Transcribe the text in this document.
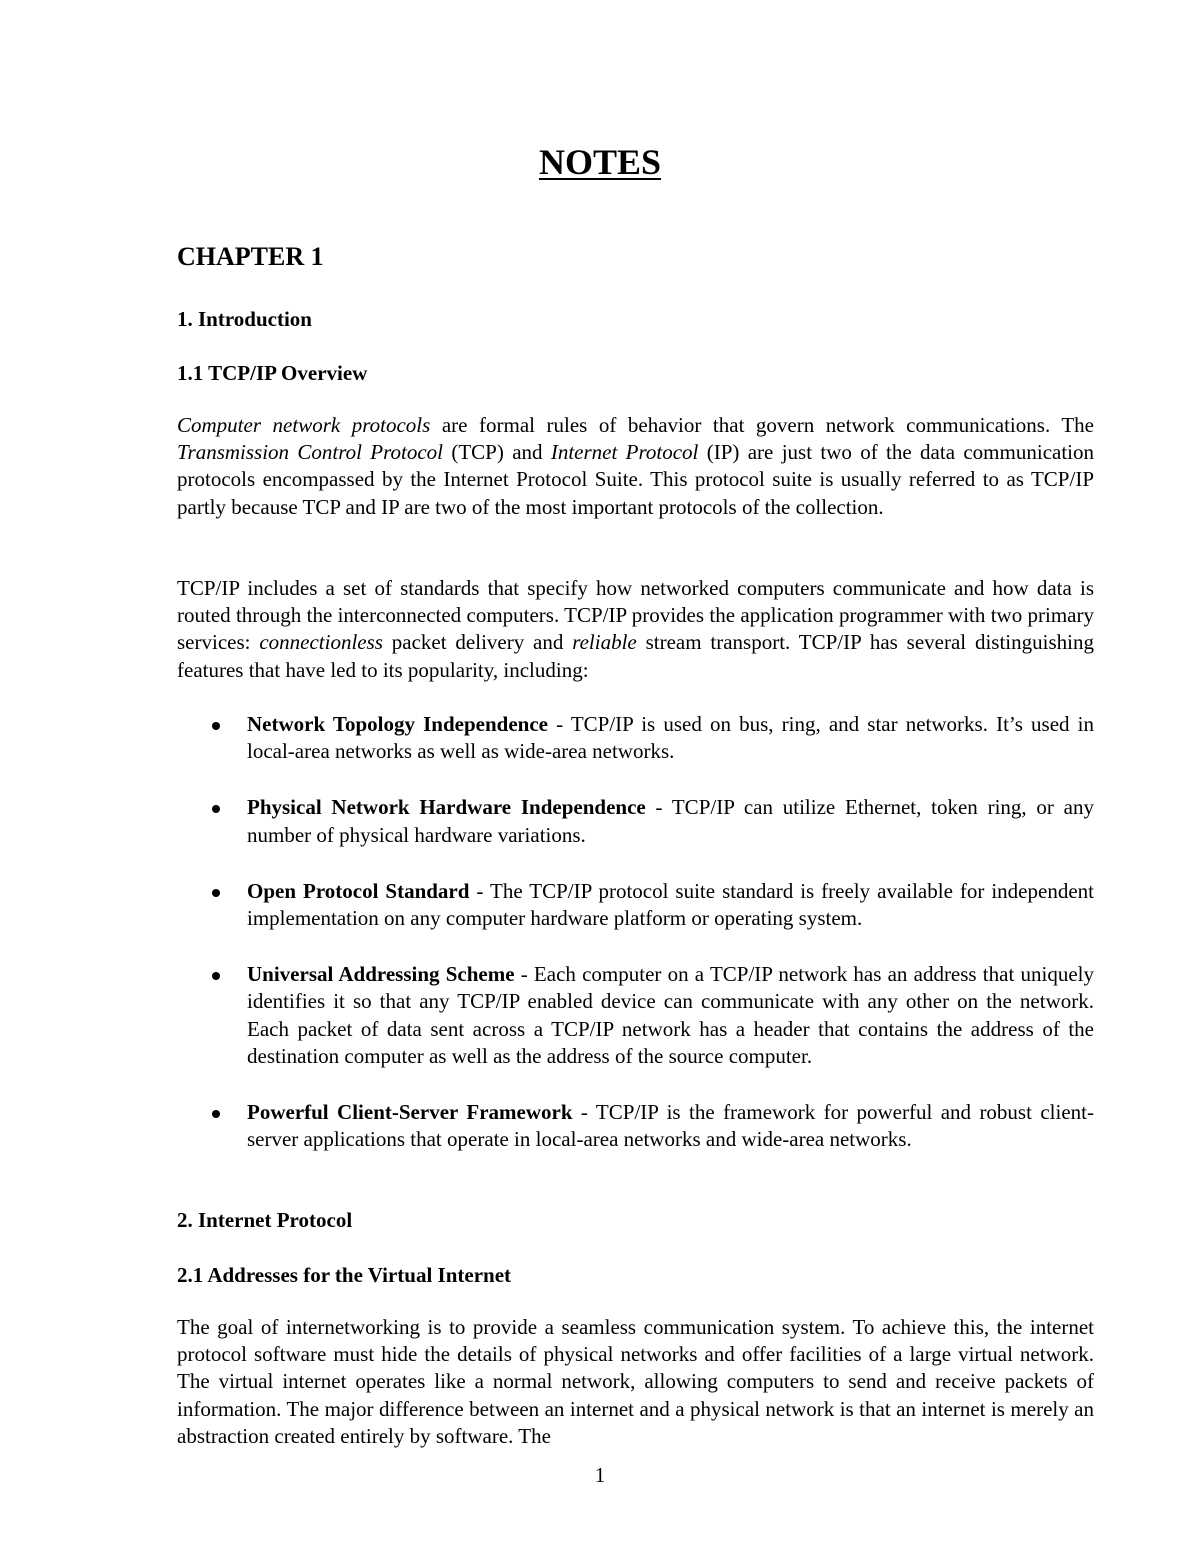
NOTES
CHAPTER 1
1. Introduction
1.1 TCP/IP Overview
Computer network protocols are formal rules of behavior that govern network communications. The Transmission Control Protocol (TCP) and Internet Protocol (IP) are just two of the data communication protocols encompassed by the Internet Protocol Suite. This protocol suite is usually referred to as TCP/IP partly because TCP and IP are two of the most important protocols of the collection.
TCP/IP includes a set of standards that specify how networked computers communicate and how data is routed through the interconnected computers. TCP/IP provides the application programmer with two primary services: connectionless packet delivery and reliable stream transport. TCP/IP has several distinguishing features that have led to its popularity, including:
Network Topology Independence - TCP/IP is used on bus, ring, and star networks. It’s used in local-area networks as well as wide-area networks.
Physical Network Hardware Independence - TCP/IP can utilize Ethernet, token ring, or any number of physical hardware variations.
Open Protocol Standard - The TCP/IP protocol suite standard is freely available for independent implementation on any computer hardware platform or operating system.
Universal Addressing Scheme - Each computer on a TCP/IP network has an address that uniquely identifies it so that any TCP/IP enabled device can communicate with any other on the network. Each packet of data sent across a TCP/IP network has a header that contains the address of the destination computer as well as the address of the source computer.
Powerful Client-Server Framework - TCP/IP is the framework for powerful and robust client-server applications that operate in local-area networks and wide-area networks.
2. Internet Protocol
2.1 Addresses for the Virtual Internet
The goal of internetworking is to provide a seamless communication system. To achieve this, the internet protocol software must hide the details of physical networks and offer facilities of a large virtual network. The virtual internet operates like a normal network, allowing computers to send and receive packets of information. The major difference between an internet and a physical network is that an internet is merely an abstraction created entirely by software. The
1
